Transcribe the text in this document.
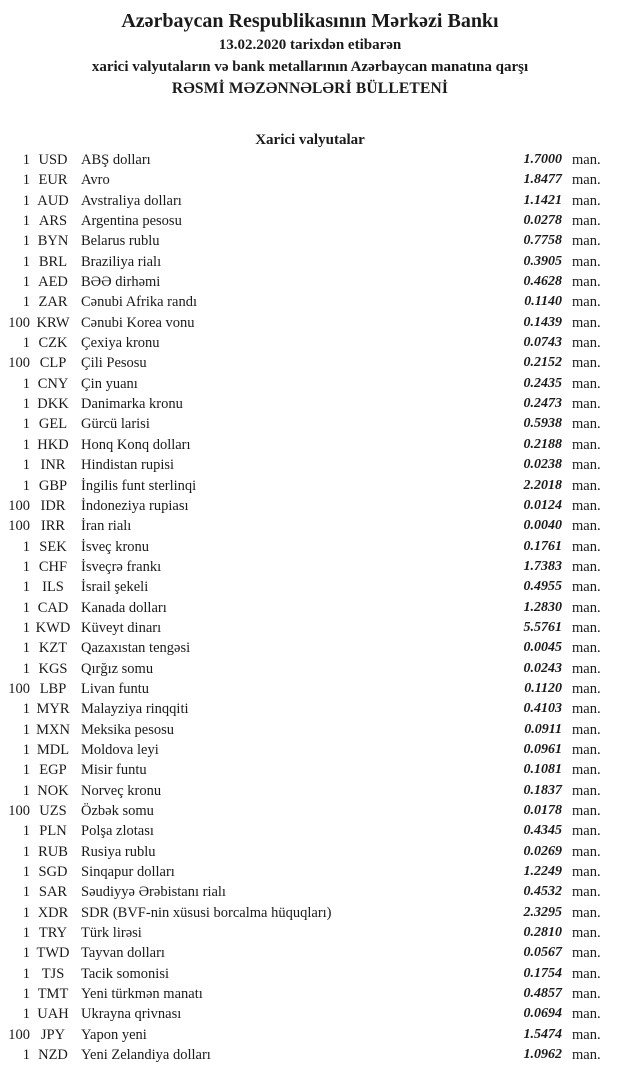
Azərbaycan Respublikasının Mərkəzi Bankı
13.02.2020 tarixdən etibarən
xarici valyutaların və bank metallarının Azərbaycan manatına qarşı
RƏSMİ MƏZƏNNƏLƏRİ BÜLLETENİ
Xarici valyutalar
1 USD ABŞ dolları	1.7000 man.
1 EUR Avro	1.8477 man.
1 AUD Avstraliya dolları	1.1421 man.
1 ARS Argentina pesosu	0.0278 man.
1 BYN Belarus rublu	0.7758 man.
1 BRL Braziliya rialı	0.3905 man.
1 AED BƏƏ dirhəmi	0.4628 man.
1 ZAR Cənubi Afrika randı	0.1140 man.
100 KRW Cənubi Korea vonu	0.1439 man.
1 CZK Çexiya kronu	0.0743 man.
100 CLP	Çili Pesosu	0.2152 man.
1 CNY Çin yuanı	0.2435 man.
1 DKK Danimarka kronu	0.2473 man.
1 GEL Gürcü larisi	0.5938 man.
1 HKD Honq Konq dolları	0.2188 man.
1 INR	Hindistan rupisi	0.0238 man.
1 GBP İngilis funt sterlinqi	2.2018 man.
100 IDR	İndoneziya rupiası	0.0124 man.
100 IRR	İran rialı	0.0040 man.
1 SEK İsveç kronu	0.1761 man.
1 CHF İsveçrə frankı	1.7383 man.
1 ILS	İsrail şekeli	0.4955 man.
1 CAD Kanada dolları	1.2830 man.
1 KWD Küveyt dinarı	5.5761 man.
1 KZT Qazaxıstan tengəsi	0.0045 man.
1 KGS Qırğız somu	0.0243 man.
100 LBP	Livan funtu	0.1120 man.
1 MYR Malayziya rinqqiti	0.4103 man.
1 MXN Meksika pesosu	0.0911 man.
1 MDL Moldova leyi	0.0961 man.
1 EGP Misir funtu	0.1081 man.
1 NOK Norveç kronu	0.1837 man.
100 UZS Özbək somu	0.0178 man.
1 PLN Polşa zlotası	0.4345 man.
1 RUB Rusiya rublu	0.0269 man.
1 SGD Sinqapur dolları	1.2249 man.
1 SAR Səudiyyə Ərəbistanı rialı	0.4532 man.
1 XDR SDR (BVF-nin xüsusi borcalma hüquqları)	2.3295 man.
1 TRY Türk lirəsi	0.2810 man.
1 TWD Tayvan dolları	0.0567 man.
1 TJS	Tacik somonisi	0.1754 man.
1 TMT Yeni türkmən manatı	0.4857 man.
1 UAH Ukrayna qrivnası	0.0694 man.
100 JPY	Yapon yeni	1.5474 man.
1 NZD Yeni Zelandiya dolları	1.0962 man.
